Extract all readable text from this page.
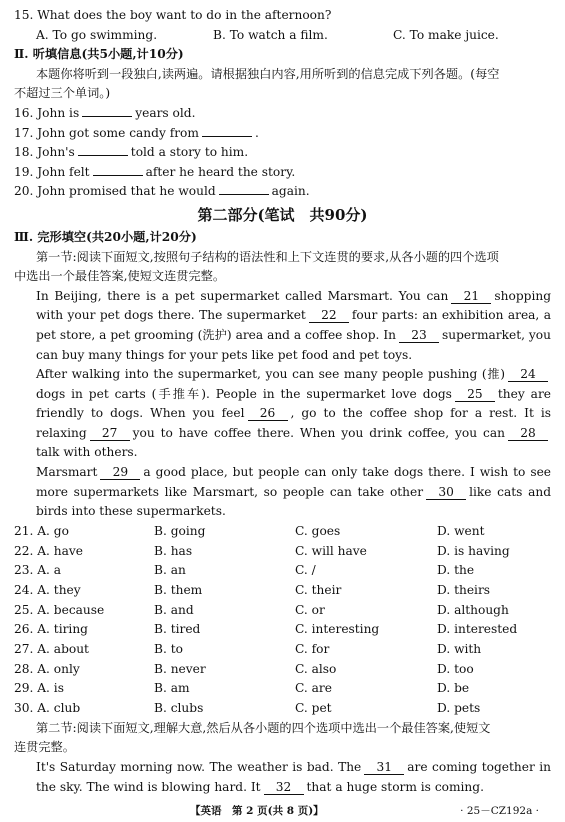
15. What does the boy want to do in the afternoon?
A. To go swimming.	B. To watch a film.	C. To make juice.
Ⅱ. 听填信息(共5小题,计10分)
本题你将听到一段独白,读两遍。请根据独白内容,用所听到的信息完成下列各题。(每空
不超过三个单词。)
16. John is	years old.
17. John got some candy from	.
18. John's	told a story to him.
19. John felt	after he heard the story.
20. John promised that he would	again.
第二部分(笔试　共90分)
Ⅲ. 完形填空(共20小题,计20分)
第一节:阅读下面短文,按照句子结构的语法性和上下文连贯的要求,从各小题的四个选项
中选出一个最佳答案,使短文连贯完整。
In Beijing, there is a pet supermarket called Marsmart. You can 21 shopping with your pet dogs there. The supermarket 22 four parts: an exhibition area, a pet store, a pet grooming (洗护) area and a coffee shop. In 23 supermarket, you can buy many things for your pets like pet food and pet toys.
After walking into the supermarket, you can see many people pushing (推) 24dogs in pet carts (手推车). People in the supermarket love dogs 25 they are friendly to dogs. When you feel 26 , go to the coffee shop for a rest. It is relaxing 27 you to have coffee there. When you drink coffee, you can 28talk with others.
Marsmart 29 a good place, but people can only take dogs there. I wish to see more supermarkets like Marsmart, so people can take other 30 like cats and birds into these supermarkets.
21. A. go	B. going	C. goes	D. went
22. A. have	B. has	C. will have	D. is having
23. A. a	B. an	C. /	D. the
24. A. they	B. them	C. their	D. theirs
25. A. because	B. and	C. or	D. although
26. A. tiring	B. tired	C. interesting	D. interested
27. A. about	B. to	C. for	D. with
28. A. only	B. never	C. also	D. too
29. A. is	B. am	C. are	D. be
30. A. club	B. clubs	C. pet	D. pets
第二节:阅读下面短文,理解大意,然后从各小题的四个选项中选出一个最佳答案,使短文
连贯完整。
It's Saturday morning now. The weather is bad. The 31 are coming together in the sky. The wind is blowing hard. It 32 that a huge storm is coming.
【英语　第 2 页(共 8 页)】	· 25－CZ192a ·
